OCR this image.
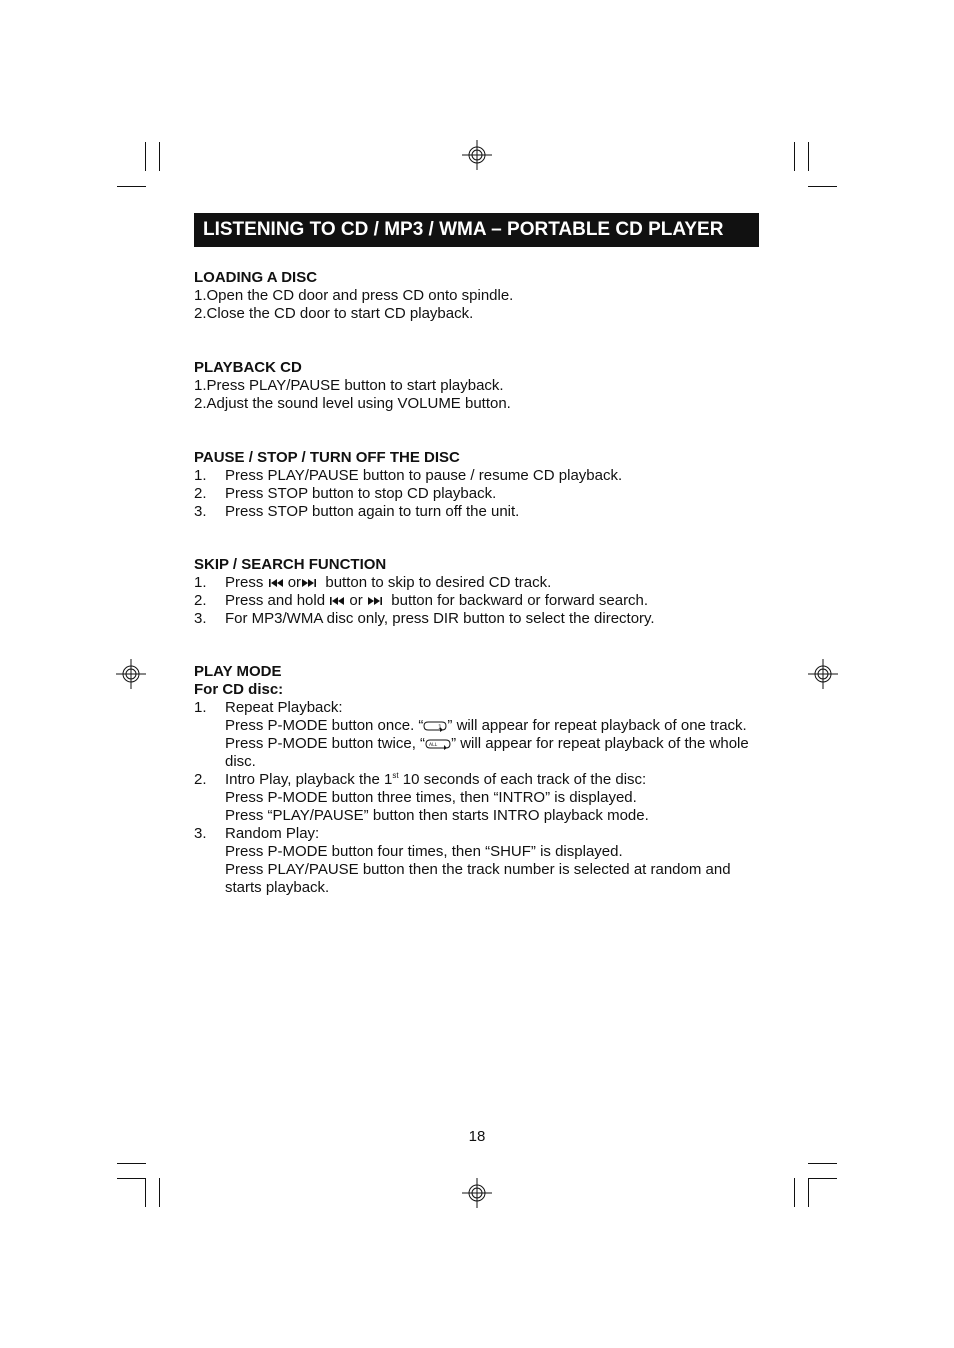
LISTENING TO CD / MP3 / WMA – PORTABLE CD PLAYER
LOADING A DISC
1.Open the CD door and press CD onto spindle.
2.Close the CD door to start CD playback.
PLAYBACK CD
1.Press PLAY/PAUSE button to start playback.
2.Adjust the sound level using VOLUME button.
PAUSE / STOP / TURN OFF THE DISC
1. Press PLAY/PAUSE button to pause / resume CD playback.
2. Press STOP button to stop CD playback.
3. Press STOP button again to turn off the unit.
SKIP / SEARCH FUNCTION
1. Press or button to skip to desired CD track.
2. Press and hold or button for backward or forward search.
3. For MP3/WMA disc only, press DIR button to select the directory.
PLAY MODE
For CD disc:
1. Repeat Playback:
Press P-MODE button once. “	1 ” will appear for repeat playback of one track.
Press P-MODE button twice, “ ALL ” will appear for repeat playback of the whole disc.
2. Intro Play, playback the 1st 10 seconds of each track of the disc:
Press P-MODE button three times, then “INTRO” is displayed.
Press “PLAY/PAUSE” button then starts INTRO playback mode.
3. Random Play:
Press P-MODE button four times, then “SHUF” is displayed.
Press PLAY/PAUSE button then the track number is selected at random and starts playback.
18
